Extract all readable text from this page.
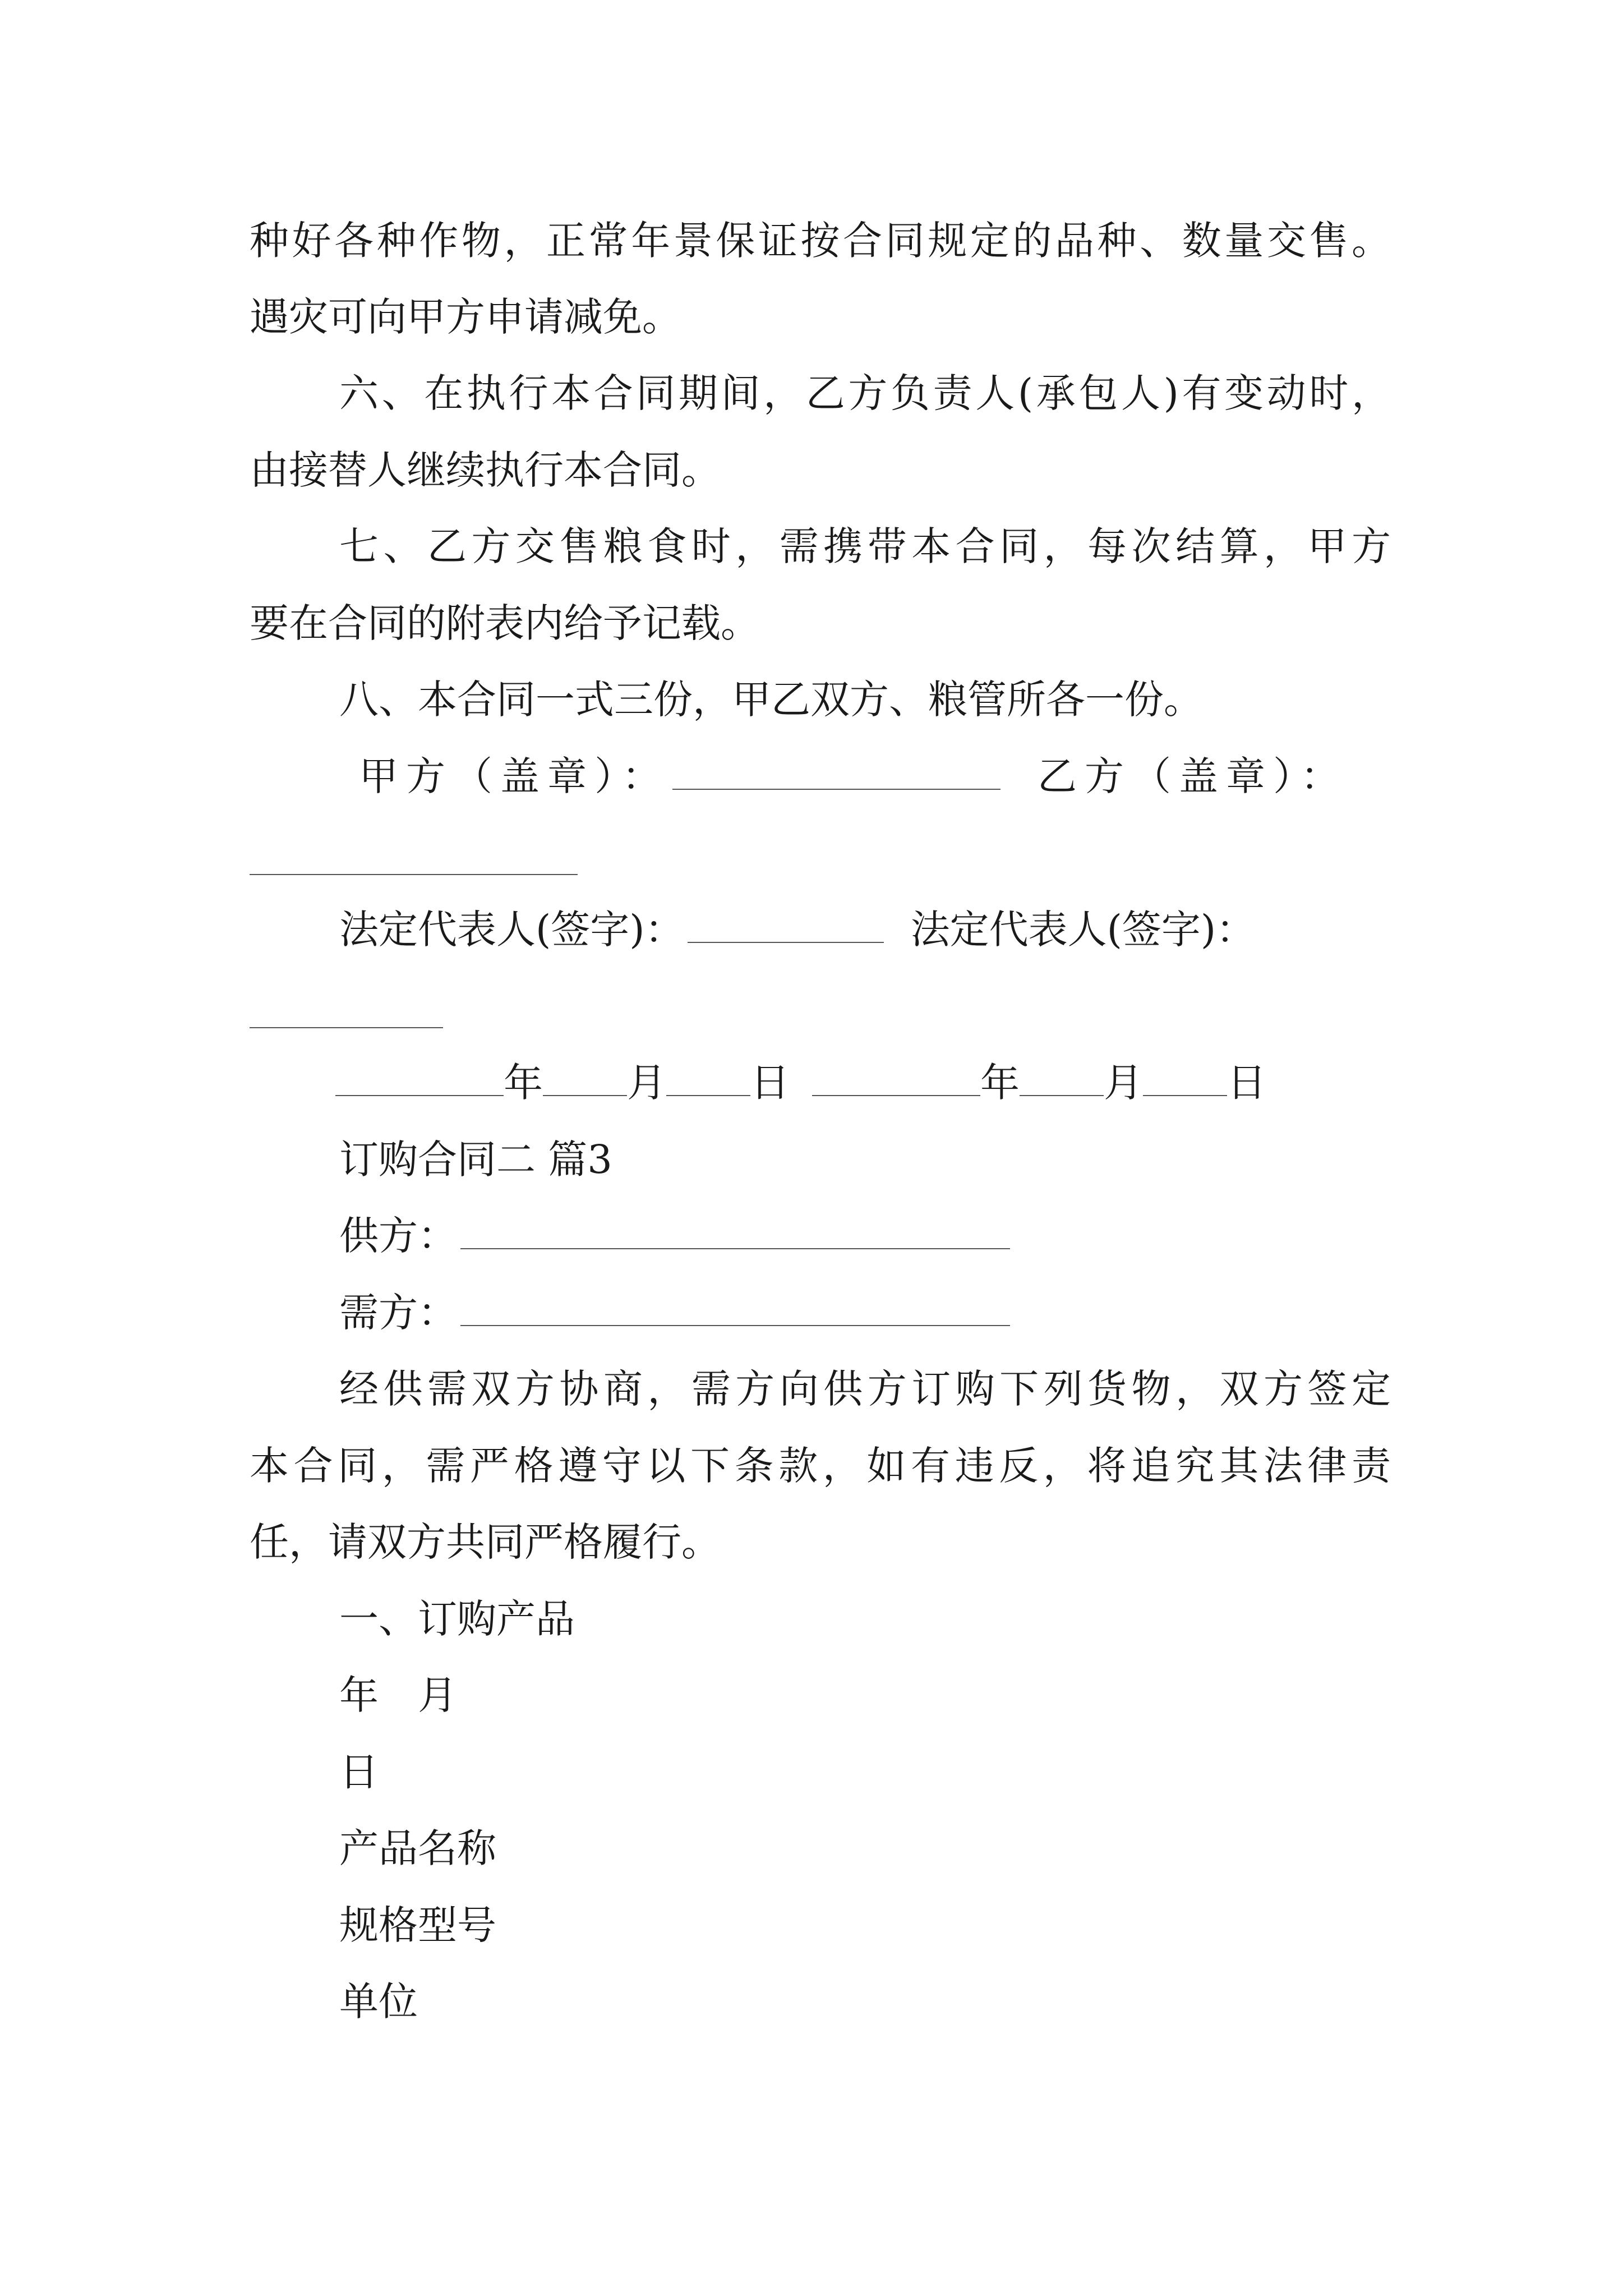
种好各种作物，正常年景保证按合同规定的品种、数量交售。
遇灾可向甲方申请减免。
六、在执行本合同期间，乙方负责人(承包人)有变动时，
由接替人继续执行本合同。
七、乙方交售粮食时，需携带本合同，每次结算，甲方
要在合同的附表内给予记载。
八、本合同一式三份，甲乙双方、粮管所各一份。
甲方（盖章）：	乙方（盖章）：
法定代表人(签字)：	法定代表人(签字)：
年 月 日	年 月 日
订购合同二 篇3
供方：
需方：
经供需双方协商，需方向供方订购下列货物，双方签定
本合同，需严格遵守以下条款，如有违反，将追究其法律责
任，请双方共同严格履行。
一、订购产品
年　月
日
产品名称
规格型号
单位
